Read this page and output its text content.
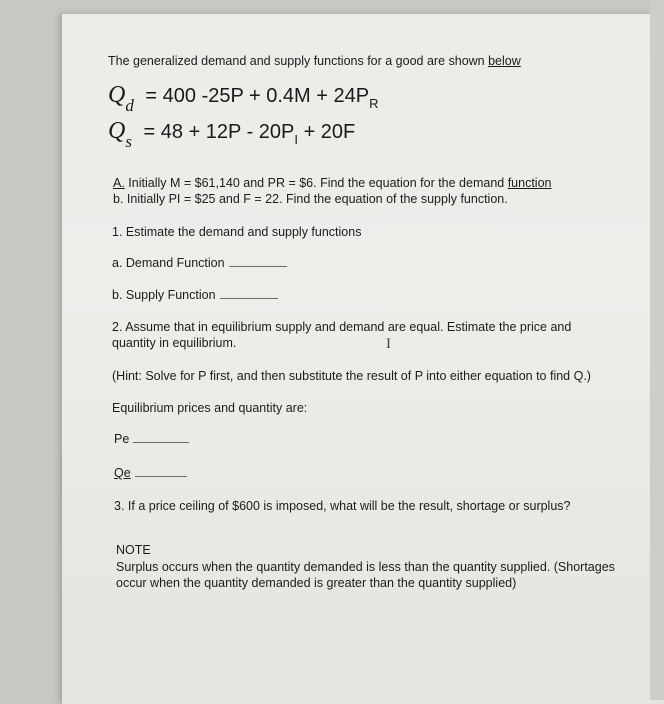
The generalized demand and supply functions for a good are shown below
$Q_d = 400$ $-25P + 0.4M + 24P_R$
$Q_s = 48 + 12P - 20P_I + 20F$
A. Initially M = $61,140 and PR = $6. Find the equation for the demand function
b. Initially PI = $25 and F = 22. Find the equation of the supply function.
1. Estimate the demand and supply functions
a. Demand Function
b. Supply Function
2. Assume that in equilibrium supply and demand are equal. Estimate the price and
quantity in equilibrium.	I
(Hint: Solve for P first, and then substitute the result of P into either equation to find Q.)
Equilibrium prices and quantity are:
Pe
Qe
3. If a price ceiling of $600 is imposed, what will be the result, shortage or surplus?
NOTE
Surplus occurs when the quantity demanded is less than the quantity supplied. (Shortages
occur when the quantity demanded is greater than the quantity supplied)
